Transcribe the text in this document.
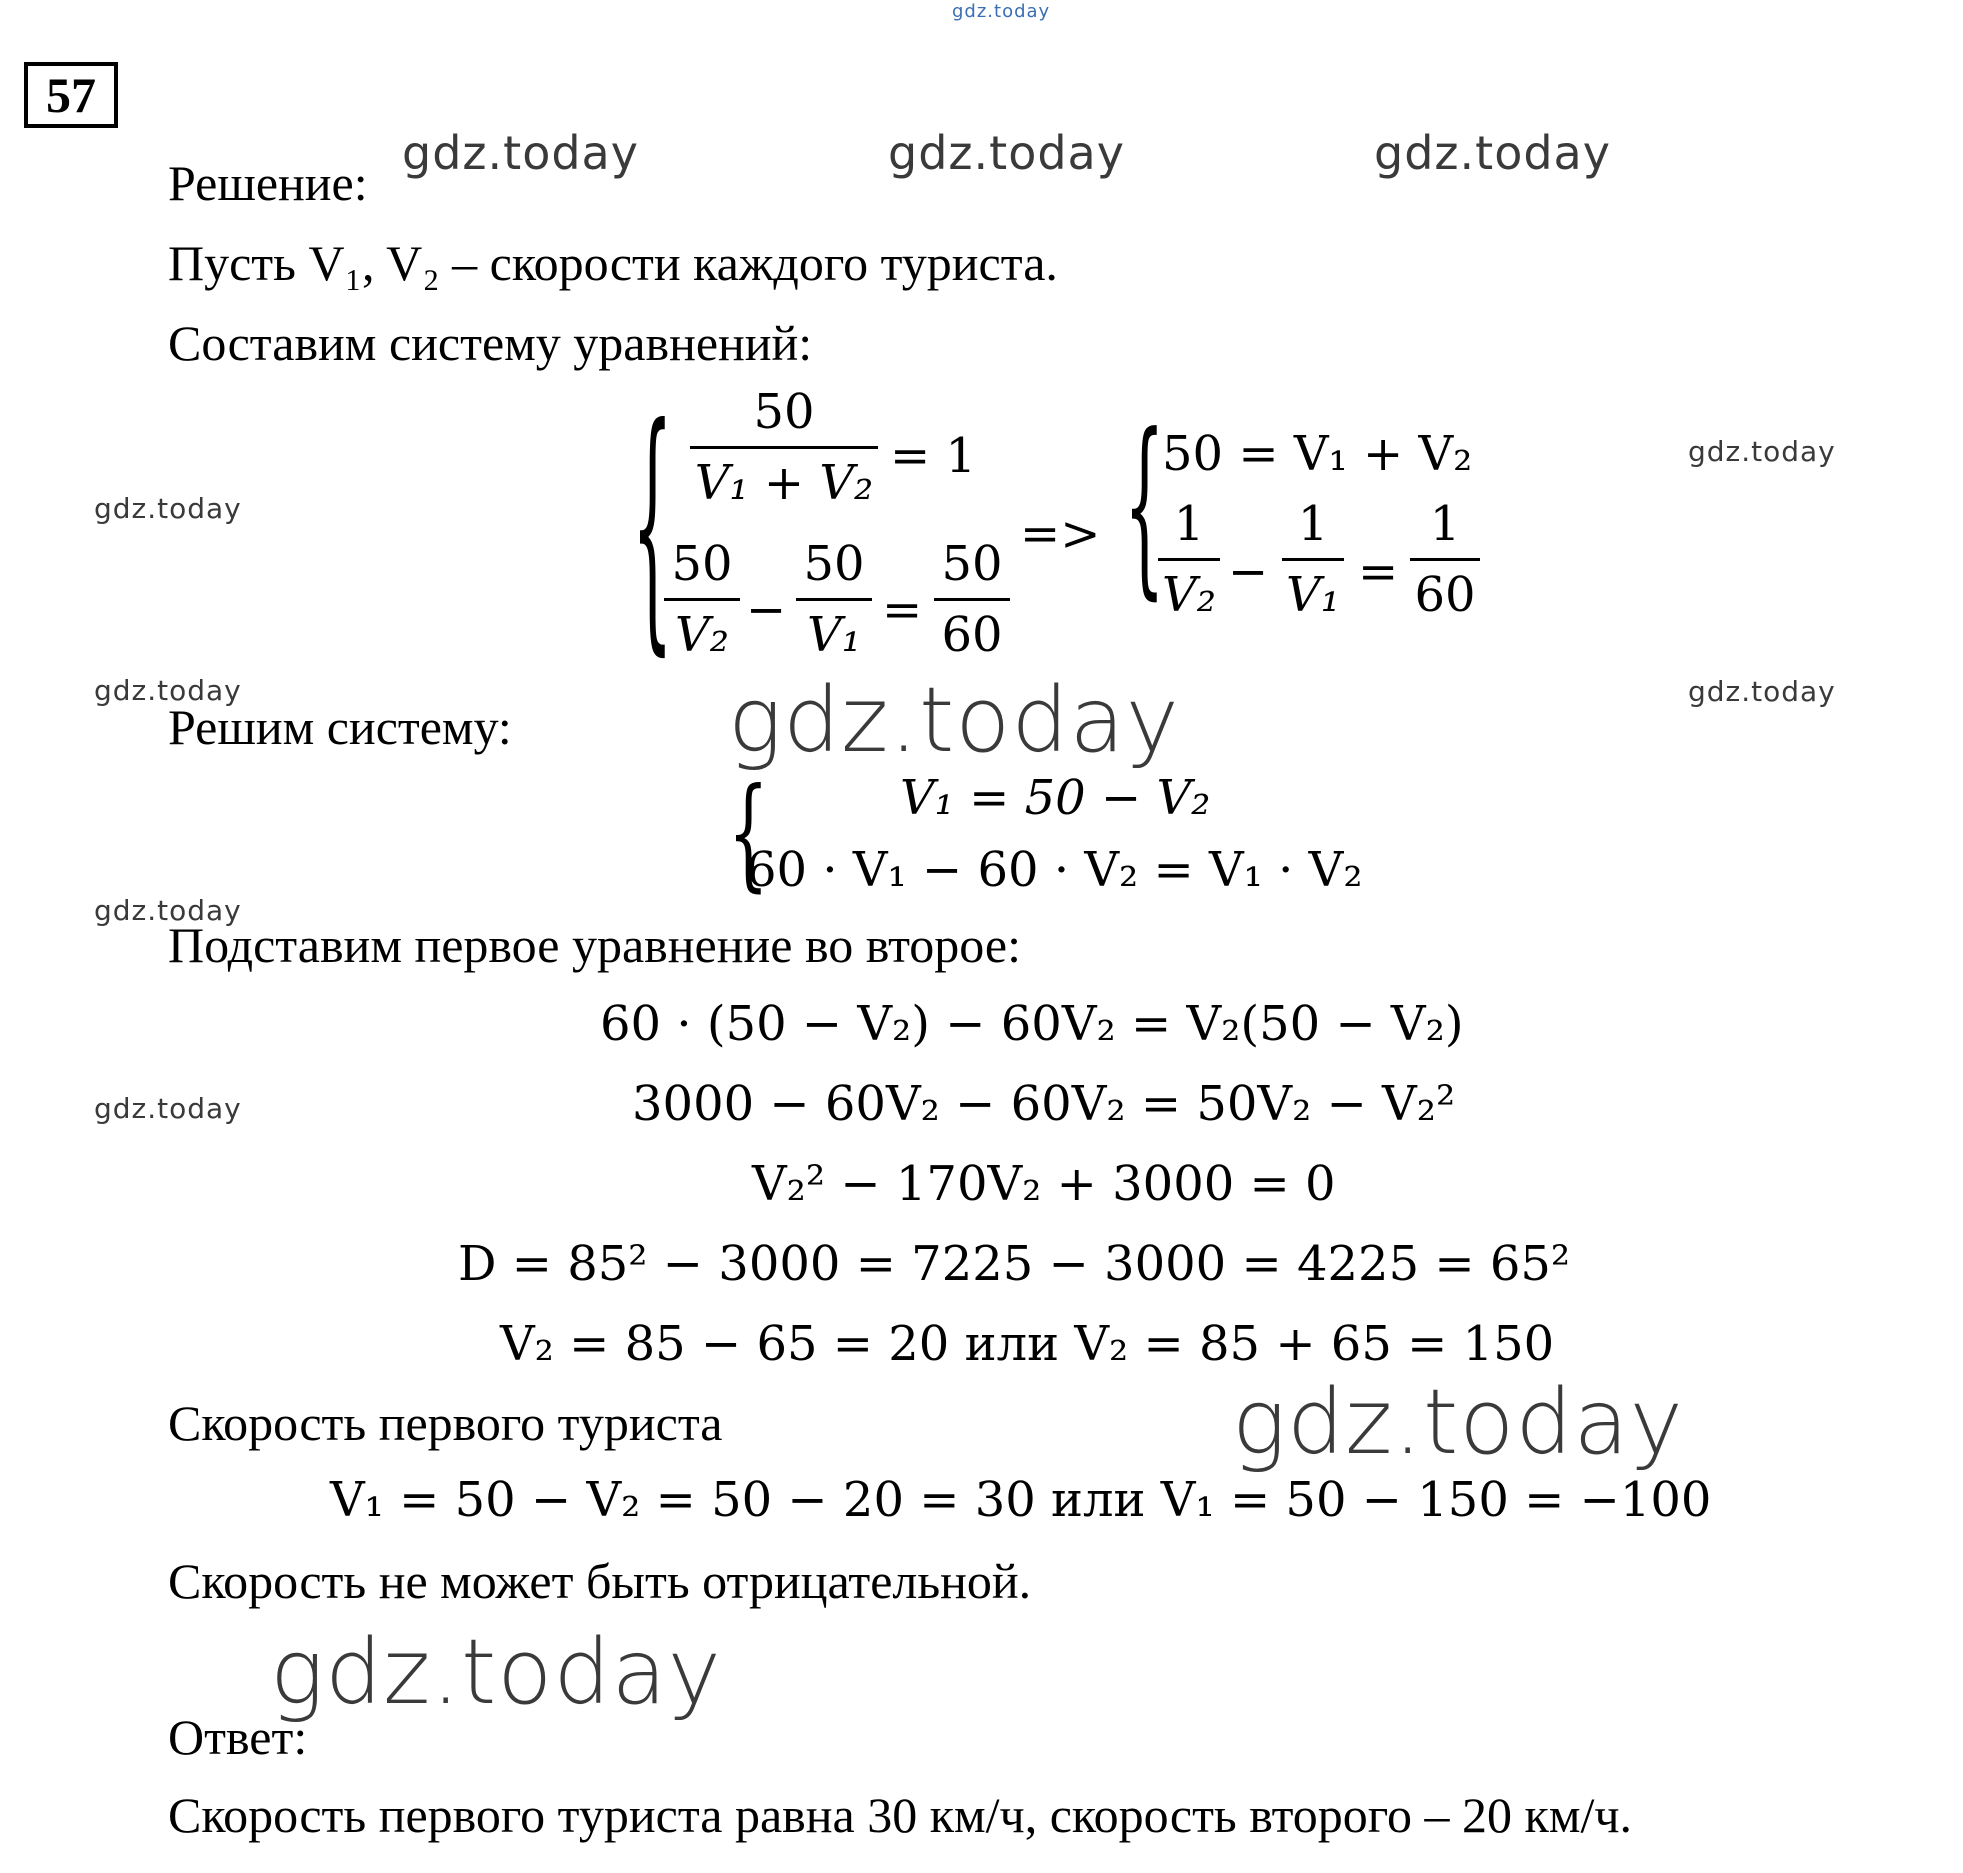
gdz.today
gdz.today	gdz.today	gdz.today
gdz.today
gdz.today
gdz.today	gdz.today
gdz.today
gdz.today
gdz.today
gdz.today
gdz.today
57
Решение:
Пусть V₁, V₂ – скорости каждого туриста.
Составим систему уравнений:
{	50
V₁ + V₂ = 1
50
V₂ −
50
V₁ =
50
60
=> {
50 = V₁ + V₂
1
V₂ −
1
V₁ =
1
60
Решим систему:
{	V₁ = 50 − V₂
60 · V₁ − 60 · V₂ = V₁ · V₂
Подставим первое уравнение во второе:
60 · (50 − V₂) − 60V₂ = V₂(50 − V₂)
3000 − 60V₂ − 60V₂ = 50V₂ − V₂²
V₂² − 170V₂ + 3000 = 0
D = 85² − 3000 = 7225 − 3000 = 4225 = 65²
V₂ = 85 − 65 = 20 или V₂ = 85 + 65 = 150
Скорость первого туриста
V₁ = 50 − V₂ = 50 − 20 = 30 или V₁ = 50 − 150 = −100
Скорость не может быть отрицательной.
Ответ:
Скорость первого туриста равна 30 км/ч, скорость второго – 20 км/ч.
